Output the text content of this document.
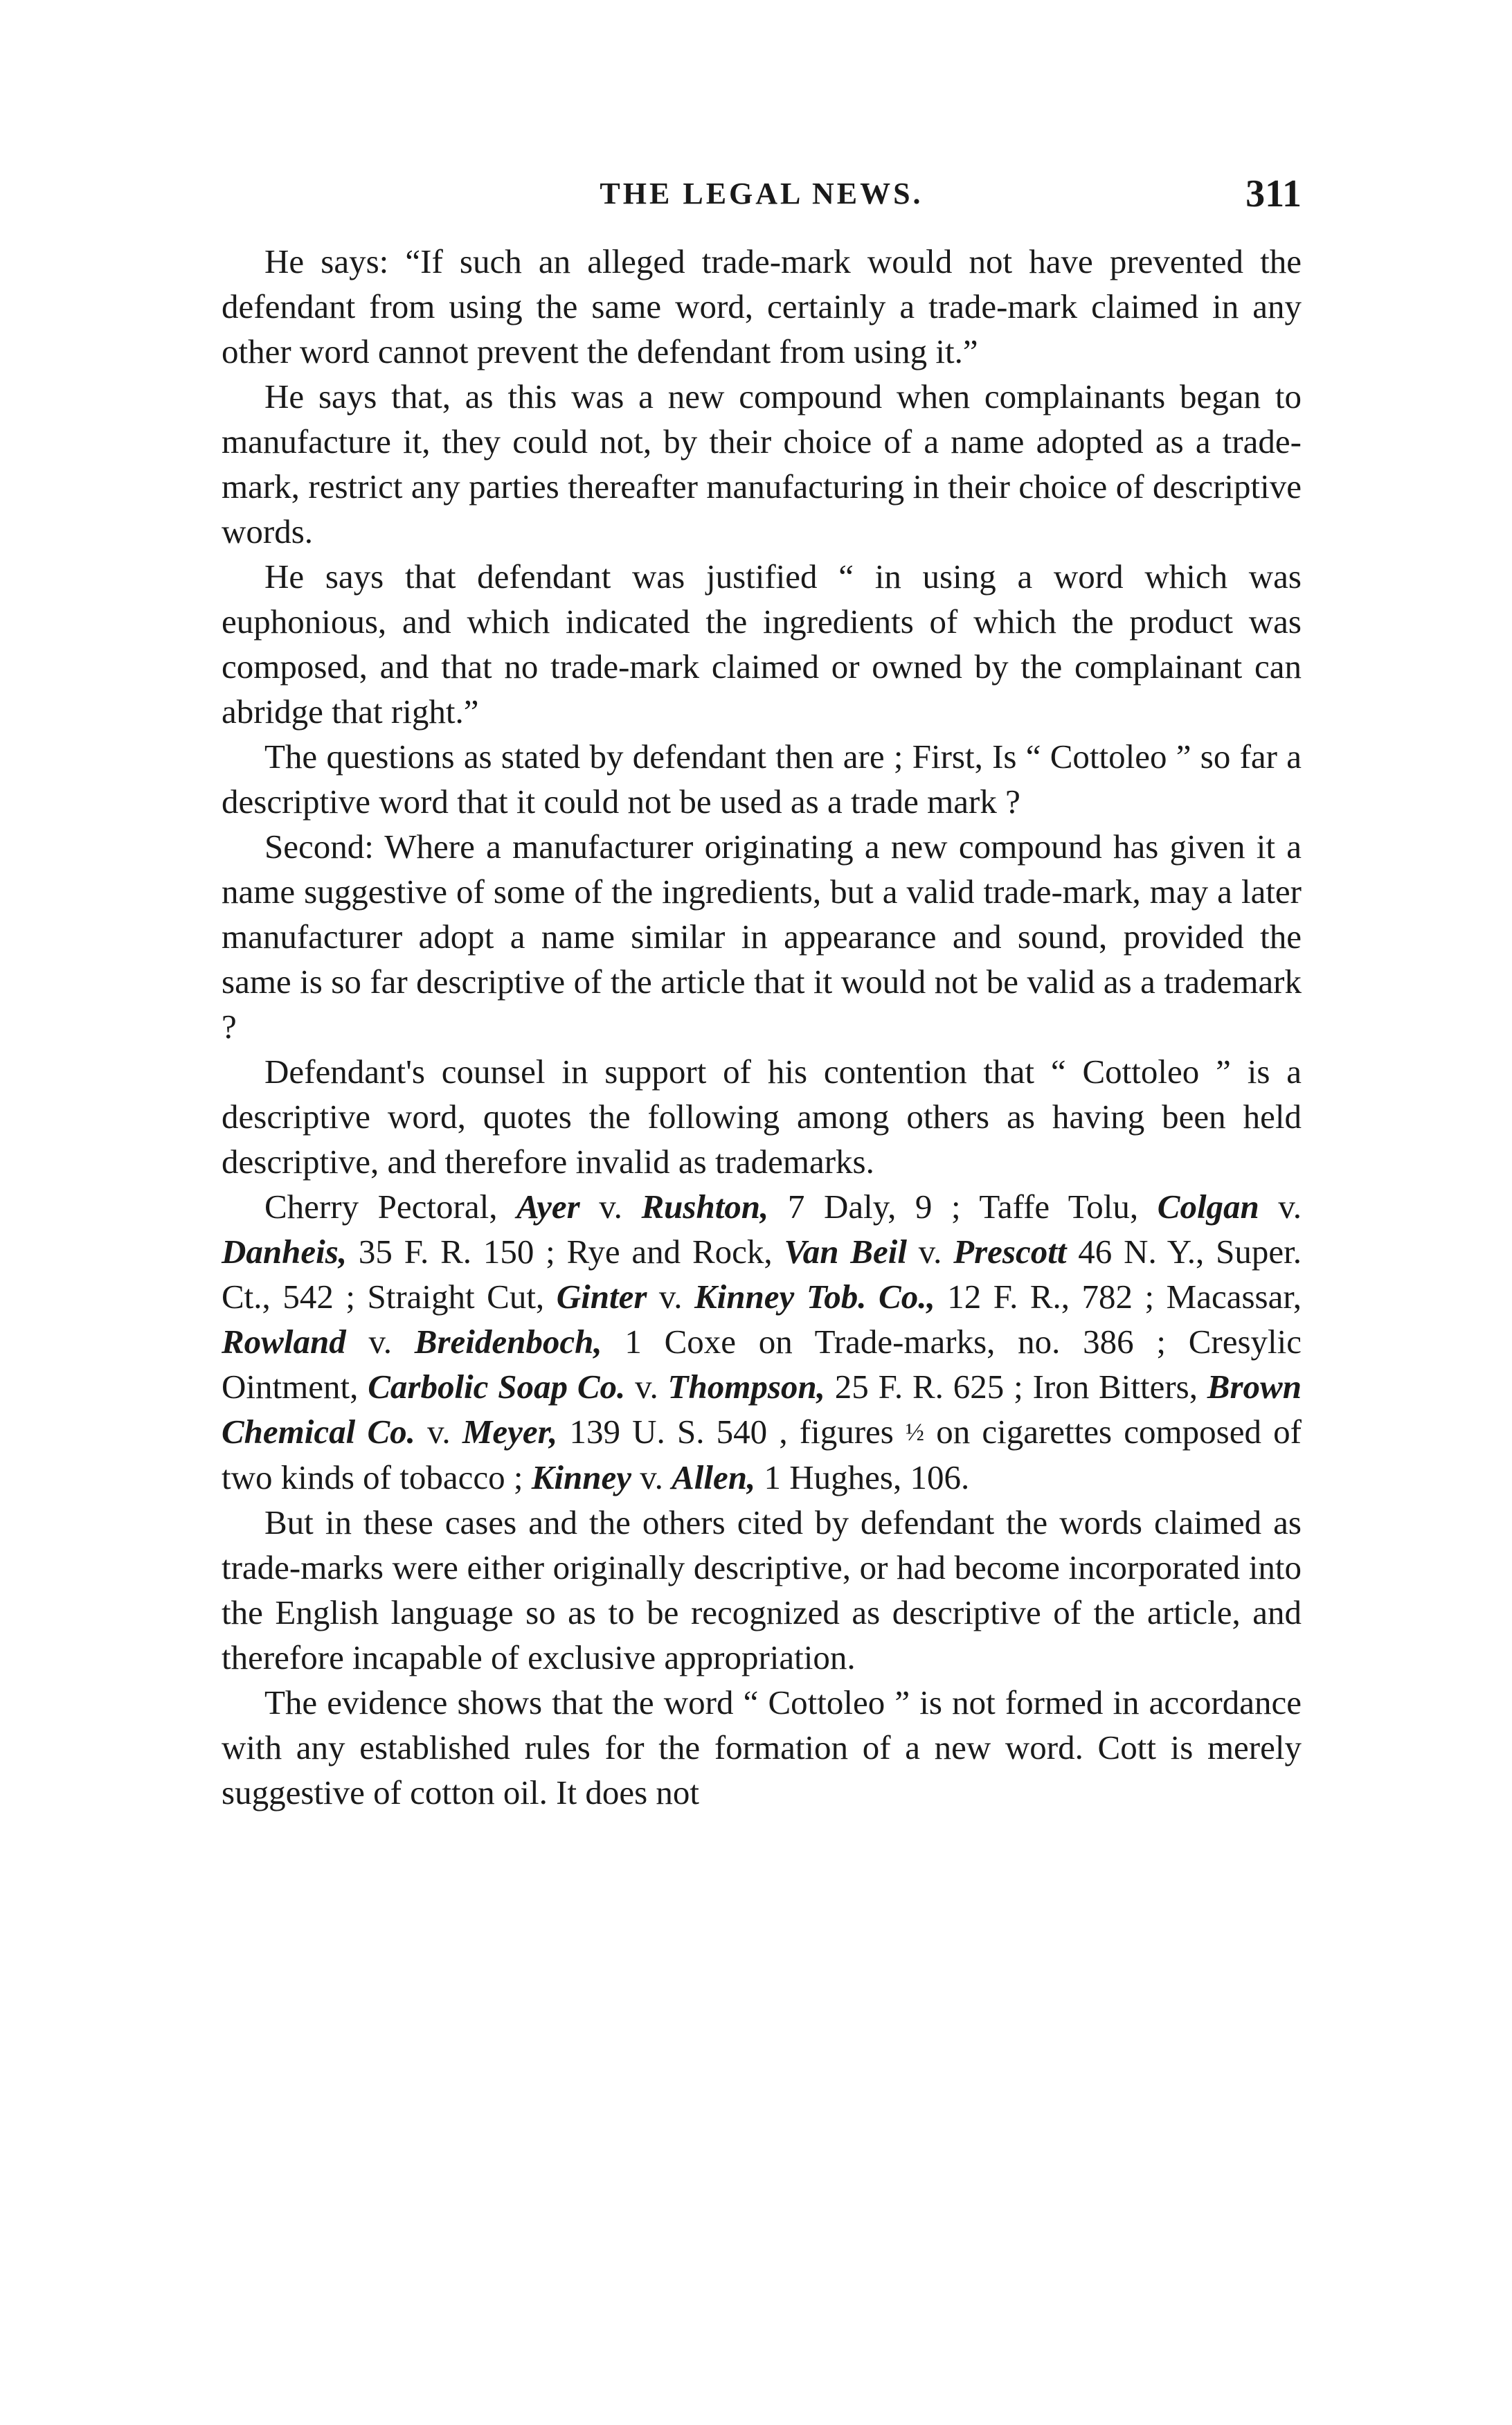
THE LEGAL NEWS.	311

He says: “If such an alleged trade-mark would not have prevented the defendant from using the same word, certainly a trade-mark claimed in any other word cannot prevent the defendant from using it.”

He says that, as this was a new compound when complainants began to manufacture it, they could not, by their choice of a name adopted as a trade-mark, restrict any parties thereafter manufacturing in their choice of descriptive words.

He says that defendant was justified “ in using a word which was euphonious, and which indicated the ingredients of which the product was composed, and that no trade-mark claimed or owned by the complainant can abridge that right.”

The questions as stated by defendant then are ; First, Is “ Cottoleo ” so far a descriptive word that it could not be used as a trade mark ?

Second: Where a manufacturer originating a new compound has given it a name suggestive of some of the ingredients, but a valid trade-mark, may a later manufacturer adopt a name similar in appearance and sound, provided the same is so far descriptive of the article that it would not be valid as a trademark ?

Defendant's counsel in support of his contention that “ Cottoleo ” is a descriptive word, quotes the following among others as having been held descriptive, and therefore invalid as trademarks.

Cherry Pectoral, Ayer v. Rushton, 7 Daly, 9 ; Taffe Tolu, Colgan v. Danheis, 35 F. R. 150 ; Rye and Rock, Van Beil v. Prescott 46 N. Y., Super. Ct., 542 ; Straight Cut, Ginter v. Kinney Tob. Co., 12 F. R., 782 ; Macassar, Rowland v. Breidenboch, 1 Coxe on Trade-marks, no. 386 ; Cresylic Ointment, Carbolic Soap Co. v. Thompson, 25 F. R. 625 ; Iron Bitters, Brown Chemical Co. v. Meyer, 139 U. S. 540 , figures ½ on cigarettes composed of two kinds of tobacco ; Kinney v. Allen, 1 Hughes, 106.

But in these cases and the others cited by defendant the words claimed as trade-marks were either originally descriptive, or had become incorporated into the English language so as to be recognized as descriptive of the article, and therefore incapable of exclusive appropriation.

The evidence shows that the word “ Cottoleo ” is not formed in accordance with any established rules for the formation of a new word. Cott is merely suggestive of cotton oil. It does not
